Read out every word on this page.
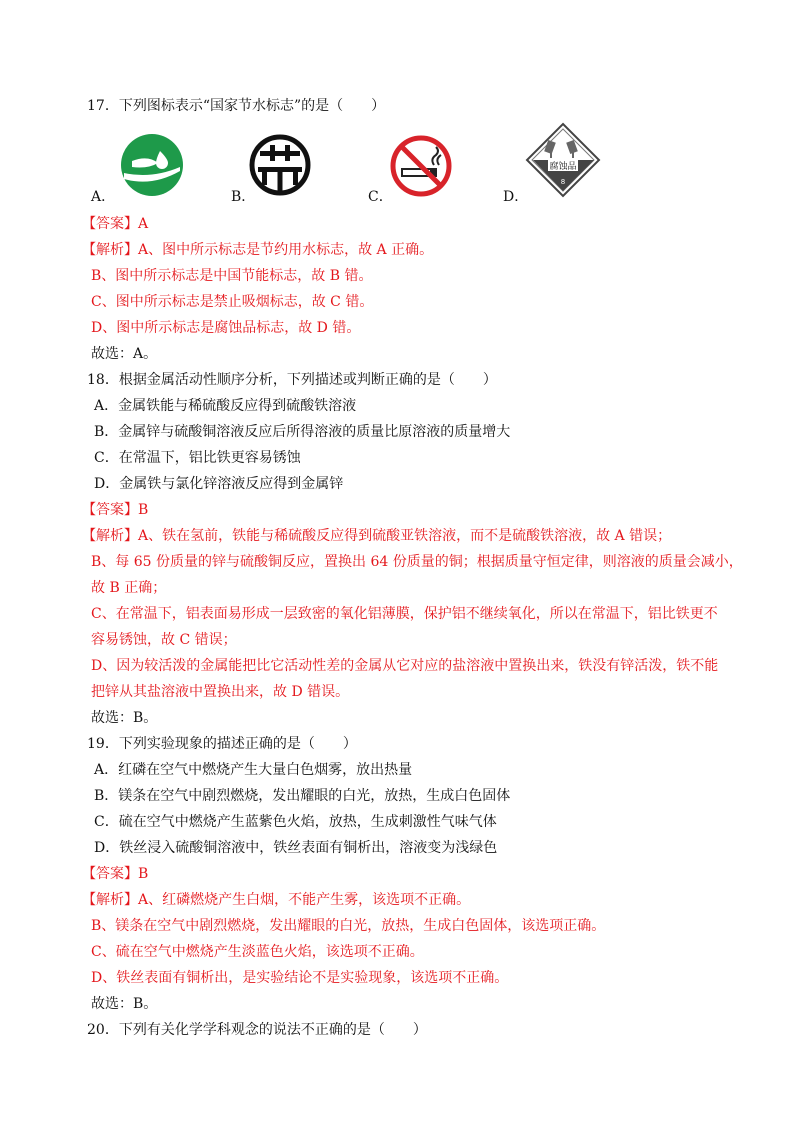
17．下列图标表示“国家节水标志”的是（　　）
A．	B．	C．	D．
腐蚀品
8
【答案】A
【解析】A、图中所示标志是节约用水标志，故 A 正确。
B、图中所示标志是中国节能标志，故 B 错。
C、图中所示标志是禁止吸烟标志，故 C 错。
D、图中所示标志是腐蚀品标志，故 D 错。
故选：A。
18．根据金属活动性顺序分析，下列描述或判断正确的是（　　）
A．金属铁能与稀硫酸反应得到硫酸铁溶液
B．金属锌与硫酸铜溶液反应后所得溶液的质量比原溶液的质量增大
C．在常温下，铝比铁更容易锈蚀
D．金属铁与氯化锌溶液反应得到金属锌
【答案】B
【解析】A、铁在氢前，铁能与稀硫酸反应得到硫酸亚铁溶液，而不是硫酸铁溶液，故 A 错误；
B、每 65 份质量的锌与硫酸铜反应，置换出 64 份质量的铜；根据质量守恒定律，则溶液的质量会减小，
故 B 正确；
C、在常温下，铝表面易形成一层致密的氧化铝薄膜，保护铝不继续氧化，所以在常温下，铝比铁更不
容易锈蚀，故 C 错误；
D、因为较活泼的金属能把比它活动性差的金属从它对应的盐溶液中置换出来，铁没有锌活泼，铁不能
把锌从其盐溶液中置换出来，故 D 错误。
故选：B。
19．下列实验现象的描述正确的是（　　）
A．红磷在空气中燃烧产生大量白色烟雾，放出热量
B．镁条在空气中剧烈燃烧，发出耀眼的白光，放热，生成白色固体
C．硫在空气中燃烧产生蓝紫色火焰，放热，生成刺激性气味气体
D．铁丝浸入硫酸铜溶液中，铁丝表面有铜析出，溶液变为浅绿色
【答案】B
【解析】A、红磷燃烧产生白烟，不能产生雾，该选项不正确。
B、镁条在空气中剧烈燃烧，发出耀眼的白光，放热，生成白色固体，该选项正确。
C、硫在空气中燃烧产生淡蓝色火焰，该选项不正确。
D、铁丝表面有铜析出，是实验结论不是实验现象，该选项不正确。
故选：B。
20．下列有关化学学科观念的说法不正确的是（　　）
